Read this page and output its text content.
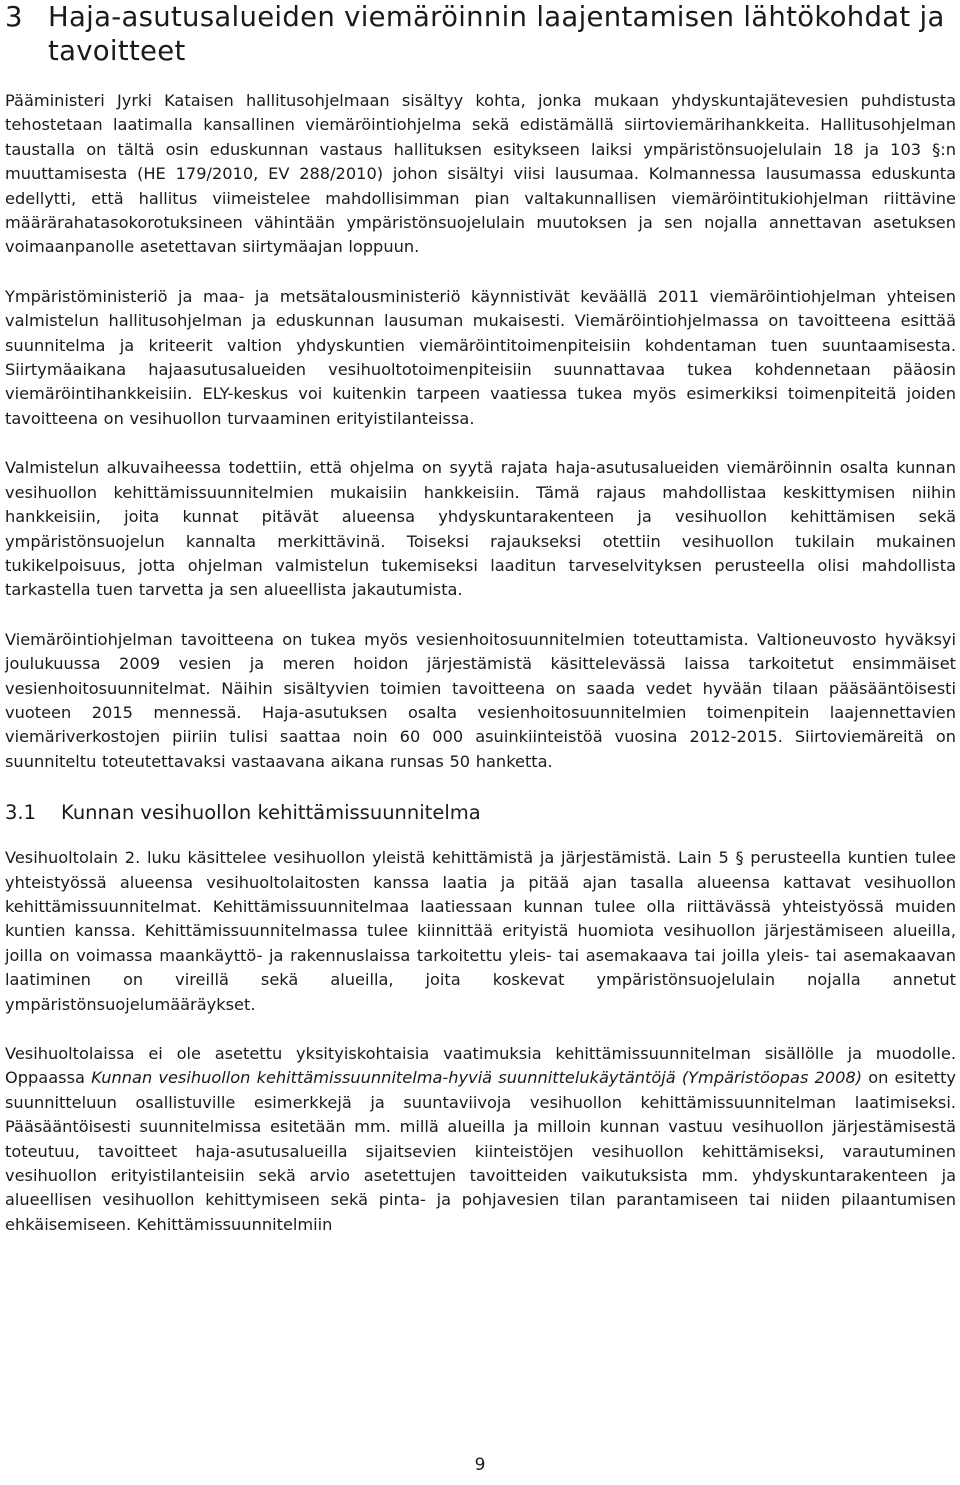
3 Haja-asutusalueiden viemäröinnin laajentamisen lähtökohdat ja tavoitteet

Pääministeri Jyrki Kataisen hallitusohjelmaan sisältyy kohta, jonka mukaan yhdyskuntajätevesien puhdistusta tehostetaan laatimalla kansallinen viemäröintiohjelma sekä edistämällä siirtoviemärihankkeita. Hallitusohjelman taustalla on tältä osin eduskunnan vastaus hallituksen esitykseen laiksi ympäristönsuojelulain 18 ja 103 §:n muuttamisesta (HE 179/2010, EV 288/2010) johon sisältyi viisi lausumaa. Kolmannessa lausumassa eduskunta edellytti, että hallitus viimeistelee mahdollisimman pian valtakunnallisen viemäröintitukiohjelman riittävine määrärahatasokorotuksineen vähintään ympäristönsuojelulain muutoksen ja sen nojalla annettavan asetuksen voimaanpanolle asetettavan siirtymäajan loppuun.

Ympäristöministeriö ja maa- ja metsätalousministeriö käynnistivät keväällä 2011 viemäröintiohjelman yhteisen valmistelun hallitusohjelman ja eduskunnan lausuman mukaisesti. Viemäröintiohjelmassa on tavoitteena esittää suunnitelma ja kriteerit valtion yhdyskuntien viemäröintitoimenpiteisiin kohdentaman tuen suuntaamisesta. Siirtymäaikana hajaasutusalueiden vesihuoltotoimenpiteisiin suunnattavaa tukea kohdennetaan pääosin viemäröintihankkeisiin. ELY-keskus voi kuitenkin tarpeen vaatiessa tukea myös esimerkiksi toimenpiteitä joiden tavoitteena on vesihuollon turvaaminen erityistilanteissa.

Valmistelun alkuvaiheessa todettiin, että ohjelma on syytä rajata haja-asutusalueiden viemäröinnin osalta kunnan vesihuollon kehittämissuunnitelmien mukaisiin hankkeisiin. Tämä rajaus mahdollistaa keskittymisen niihin hankkeisiin, joita kunnat pitävät alueensa yhdyskuntarakenteen ja vesihuollon kehittämisen sekä ympäristönsuojelun kannalta merkittävinä. Toiseksi rajaukseksi otettiin vesihuollon tukilain mukainen tukikelpoisuus, jotta ohjelman valmistelun tukemiseksi laaditun tarveselvityksen perusteella olisi mahdollista tarkastella tuen tarvetta ja sen alueellista jakautumista.

Viemäröintiohjelman tavoitteena on tukea myös vesienhoitosuunnitelmien toteuttamista. Valtioneuvosto hyväksyi joulukuussa 2009 vesien ja meren hoidon järjestämistä käsittelevässä laissa tarkoitetut ensimmäiset vesienhoitosuunnitelmat. Näihin sisältyvien toimien tavoitteena on saada vedet hyvään tilaan pääsääntöisesti vuoteen 2015 mennessä. Haja-asutuksen osalta vesienhoitosuunnitelmien toimenpitein laajennettavien viemäriverkostojen piiriin tulisi saattaa noin 60 000 asuinkiinteistöä vuosina 2012-2015. Siirtoviemäreitä on suunniteltu toteutettavaksi vastaavana aikana runsas 50 hanketta.

3.1	Kunnan vesihuollon kehittämissuunnitelma

Vesihuoltolain 2. luku käsittelee vesihuollon yleistä kehittämistä ja järjestämistä. Lain 5 § perusteella kuntien tulee yhteistyössä alueensa vesihuoltolaitosten kanssa laatia ja pitää ajan tasalla alueensa kattavat vesihuollon kehittämissuunnitelmat. Kehittämissuunnitelmaa laatiessaan kunnan tulee olla riittävässä yhteistyössä muiden kuntien kanssa. Kehittämissuunnitelmassa tulee kiinnittää erityistä huomiota vesihuollon järjestämiseen alueilla, joilla on voimassa maankäyttö- ja rakennuslaissa tarkoitettu yleis- tai asemakaava tai joilla yleis- tai asemakaavan laatiminen on vireillä sekä alueilla, joita koskevat ympäristönsuojelulain nojalla annetut ympäristönsuojelumääräykset.

Vesihuoltolaissa ei ole asetettu yksityiskohtaisia vaatimuksia kehittämissuunnitelman sisällölle ja muodolle. Oppaassa Kunnan vesihuollon kehittämissuunnitelma-hyviä suunnittelukäytäntöjä (Ympäristöopas 2008) on esitetty suunnitteluun osallistuville esimerkkejä ja suuntaviivoja vesihuollon kehittämissuunnitelman laatimiseksi. Pääsääntöisesti suunnitelmissa esitetään mm. millä alueilla ja milloin kunnan vastuu vesihuollon järjestämisestä toteutuu, tavoitteet haja-asutusalueilla sijaitsevien kiinteistöjen vesihuollon kehittämiseksi, varautuminen vesihuollon erityistilanteisiin sekä arvio asetettujen tavoitteiden vaikutuksista mm. yhdyskuntarakenteen ja alueellisen vesihuollon kehittymiseen sekä pinta- ja pohjavesien tilan parantamiseen tai niiden pilaantumisen ehkäisemiseen. Kehittämissuunnitelmiin

9
